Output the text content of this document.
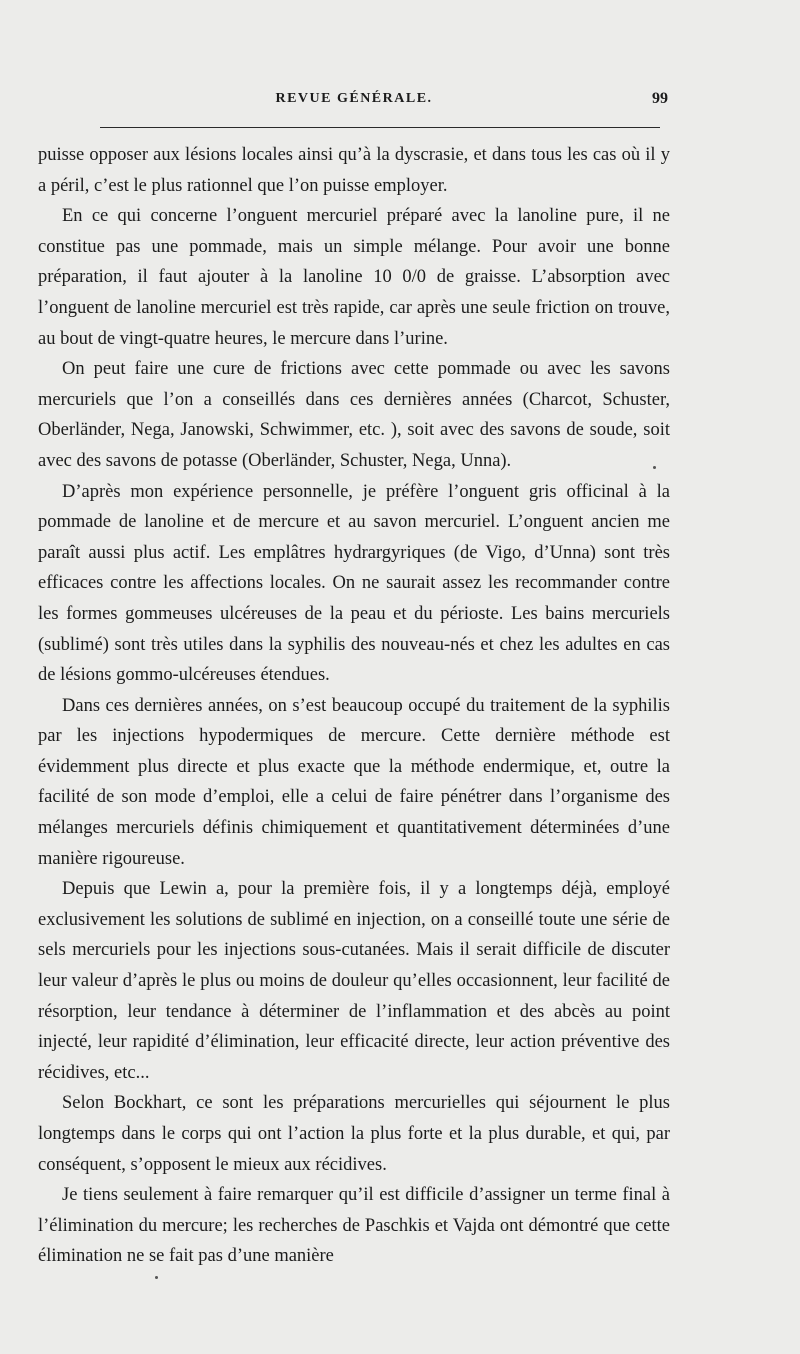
REVUE GÉNÉRALE.	99

puisse opposer aux lésions locales ainsi qu’à la dyscrasie, et dans tous les cas où il y a péril, c’est le plus rationnel que l’on puisse employer.

En ce qui concerne l’onguent mercuriel préparé avec la lanoline pure, il ne constitue pas une pommade, mais un simple mélange. Pour avoir une bonne préparation, il faut ajouter à la lanoline 10 0/0 de graisse. L’absorption avec l’onguent de lanoline mercuriel est très rapide, car après une seule friction on trouve, au bout de vingt-quatre heures, le mercure dans l’urine.

On peut faire une cure de frictions avec cette pommade ou avec les savons mercuriels que l’on a conseillés dans ces dernières années (Charcot, Schuster, Oberländer, Nega, Janowski, Schwimmer, etc. ), soit avec des savons de soude, soit avec des savons de potasse (Oberländer, Schuster, Nega, Unna).

D’après mon expérience personnelle, je préfère l’onguent gris officinal à la pommade de lanoline et de mercure et au savon mercuriel. L’onguent ancien me paraît aussi plus actif. Les emplâtres hydrargyriques (de Vigo, d’Unna) sont très efficaces contre les affections locales. On ne saurait assez les recommander contre les formes gommeuses ulcéreuses de la peau et du périoste. Les bains mercuriels (sublimé) sont très utiles dans la syphilis des nouveau-nés et chez les adultes en cas de lésions gommo-ulcéreuses étendues.

Dans ces dernières années, on s’est beaucoup occupé du traitement de la syphilis par les injections hypodermiques de mercure. Cette dernière méthode est évidemment plus directe et plus exacte que la méthode endermique, et, outre la facilité de son mode d’emploi, elle a celui de faire pénétrer dans l’organisme des mélanges mercuriels définis chimiquement et quantitativement déterminées d’une manière rigoureuse.

Depuis que Lewin a, pour la première fois, il y a longtemps déjà, employé exclusivement les solutions de sublimé en injection, on a conseillé toute une série de sels mercuriels pour les injections sous-cutanées. Mais il serait difficile de discuter leur valeur d’après le plus ou moins de douleur qu’elles occasionnent, leur facilité de résorption, leur tendance à déterminer de l’inflammation et des abcès au point injecté, leur rapidité d’élimination, leur efficacité directe, leur action préventive des récidives, etc...

Selon Bockhart, ce sont les préparations mercurielles qui séjournent le plus longtemps dans le corps qui ont l’action la plus forte et la plus durable, et qui, par conséquent, s’opposent le mieux aux récidives.

Je tiens seulement à faire remarquer qu’il est difficile d’assigner un terme final à l’élimination du mercure; les recherches de Paschkis et Vajda ont démontré que cette élimination ne se fait pas d’une manière
